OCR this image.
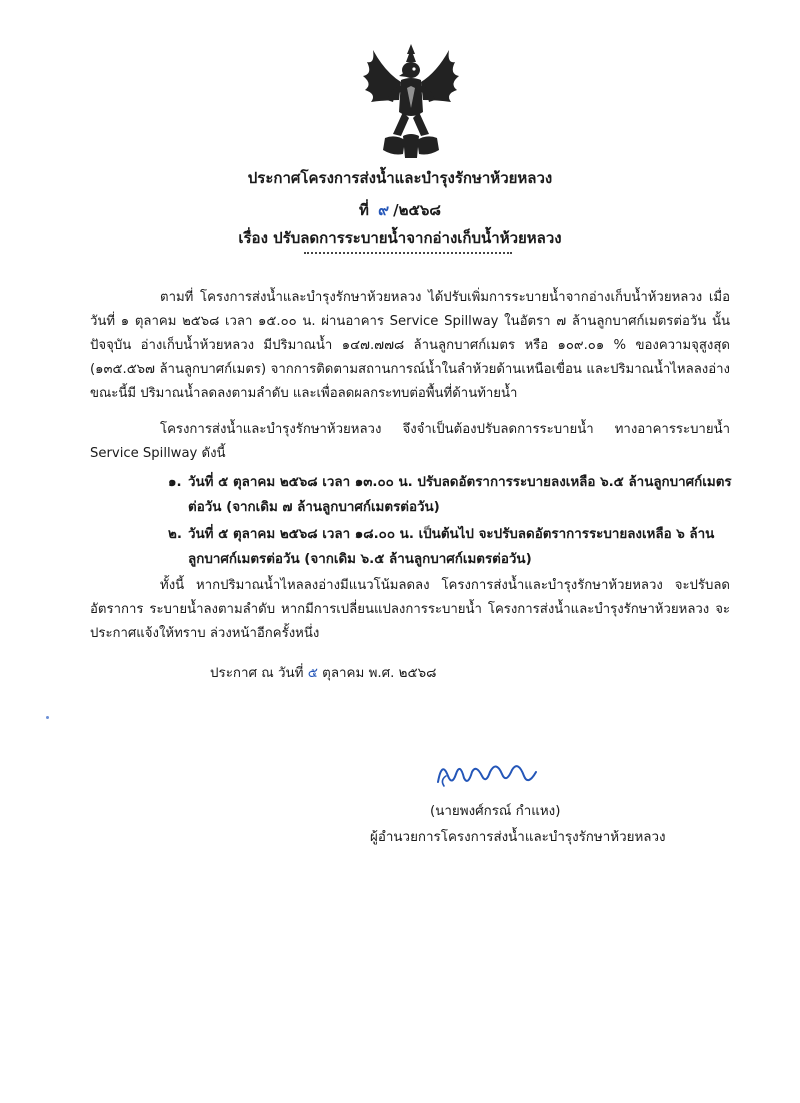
ประกาศโครงการส่งน้ำและบำรุงรักษาห้วยหลวง
ที่ ๙ /๒๕๖๘
เรื่อง ปรับลดการระบายน้ำจากอ่างเก็บน้ำห้วยหลวง
ตามที่ โครงการส่งน้ำและบำรุงรักษาห้วยหลวง ได้ปรับเพิ่มการระบายน้ำจากอ่างเก็บน้ำห้วยหลวง เมื่อวันที่ ๑ ตุลาคม ๒๕๖๘ เวลา ๑๕.๐๐ น. ผ่านอาคาร Service Spillway ในอัตรา ๗ ล้านลูกบาศก์เมตรต่อวัน นั้น ปัจจุบัน อ่างเก็บน้ำห้วยหลวง มีปริมาณน้ำ ๑๔๗.๗๗๘ ล้านลูกบาศก์เมตร หรือ ๑๐๙.๐๑ % ของความจุสูงสุด (๑๓๕.๕๖๗ ล้านลูกบาศก์เมตร) จากการติดตามสถานการณ์น้ำในลำห้วยด้านเหนือเขื่อน และปริมาณน้ำไหลลงอ่างขณะนี้มี ปริมาณน้ำลดลงตามลำดับ และเพื่อลดผลกระทบต่อพื้นที่ด้านท้ายน้ำ
โครงการส่งน้ำและบำรุงรักษาห้วยหลวง จึงจำเป็นต้องปรับลดการระบายน้ำ ทางอาคารระบายน้ำ Service Spillway ดังนี้
๑. วันที่ ๕ ตุลาคม ๒๕๖๘ เวลา ๑๓.๐๐ น. ปรับลดอัตราการระบายลงเหลือ ๖.๕ ล้านลูกบาศก์เมตรต่อวัน (จากเดิม ๗ ล้านลูกบาศก์เมตรต่อวัน)
๒. วันที่ ๕ ตุลาคม ๒๕๖๘ เวลา ๑๘.๐๐ น. เป็นต้นไป จะปรับลดอัตราการระบายลงเหลือ ๖ ล้านลูกบาศก์เมตรต่อวัน (จากเดิม ๖.๕ ล้านลูกบาศก์เมตรต่อวัน)
ทั้งนี้ หากปริมาณน้ำไหลลงอ่างมีแนวโน้มลดลง โครงการส่งน้ำและบำรุงรักษาห้วยหลวง จะปรับลดอัตราการ ระบายน้ำลงตามลำดับ หากมีการเปลี่ยนแปลงการระบายน้ำ โครงการส่งน้ำและบำรุงรักษาห้วยหลวง จะประกาศแจ้งให้ทราบ ล่วงหน้าอีกครั้งหนึ่ง
ประกาศ ณ วันที่ ๕ ตุลาคม พ.ศ. ๒๕๖๘
(นายพงศ์กรณ์ กำแหง)
ผู้อำนวยการโครงการส่งน้ำและบำรุงรักษาห้วยหลวง
